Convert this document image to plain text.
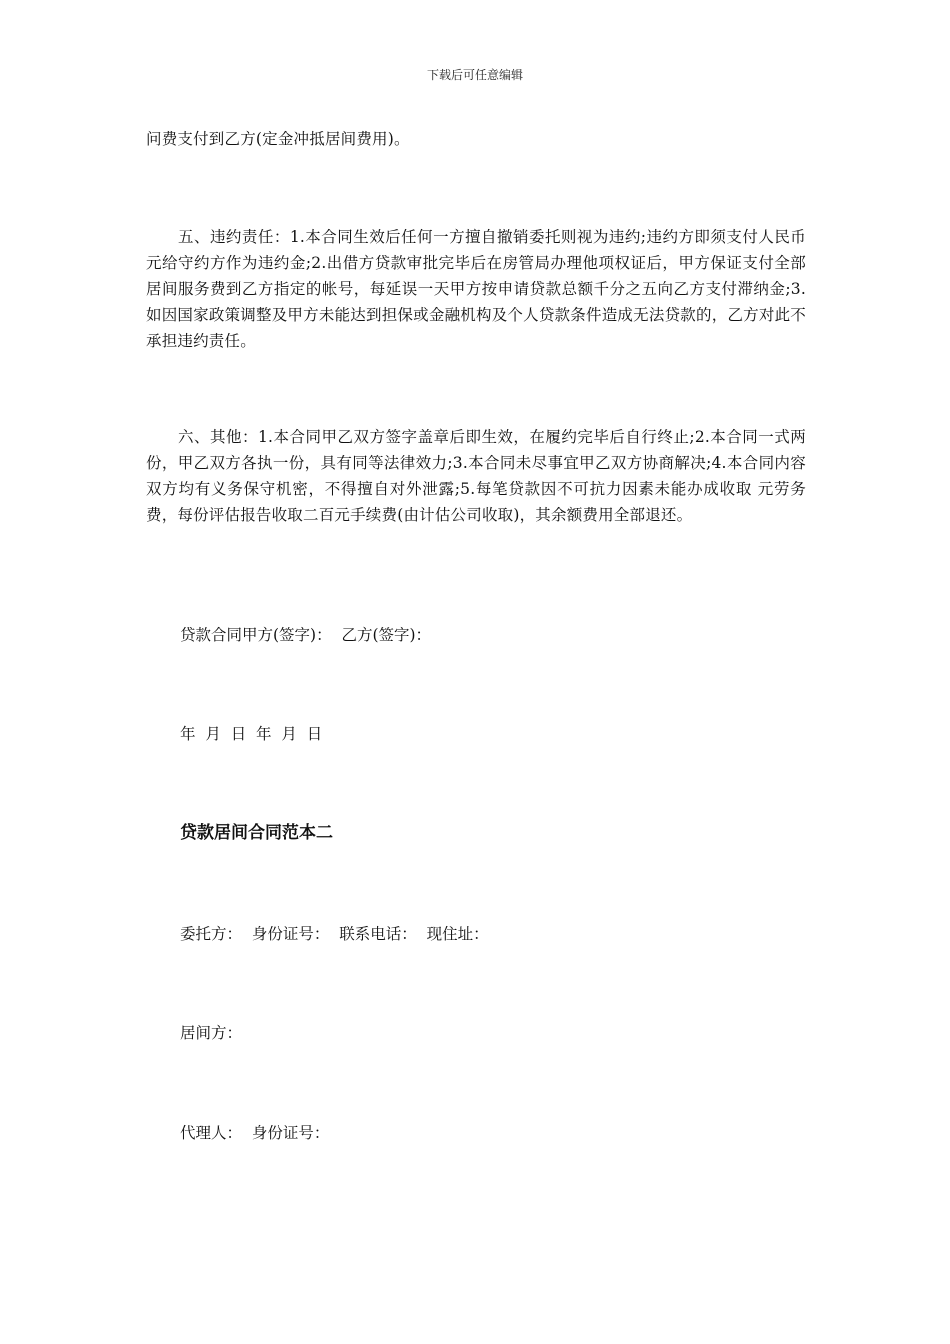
下载后可任意编辑
问费支付到乙方(定金冲抵居间费用)。
五、违约责任：1.本合同生效后任何一方擅自撤销委托则视为违约;违约方即须支付人民币 元给守约方作为违约金;2.出借方贷款审批完毕后在房管局办理他项权证后，甲方保证支付全部居间服务费到乙方指定的帐号，每延误一天甲方按申请贷款总额千分之五向乙方支付滞纳金;3.如因国家政策调整及甲方未能达到担保或金融机构及个人贷款条件造成无法贷款的，乙方对此不承担违约责任。
六、其他：1.本合同甲乙双方签字盖章后即生效，在履约完毕后自行终止;2.本合同一式两份，甲乙双方各执一份，具有同等法律效力;3.本合同未尽事宜甲乙双方协商解决;4.本合同内容双方均有义务保守机密，不得擅自对外泄露;5.每笔贷款因不可抗力因素未能办成收取 元劳务费，每份评估报告收取二百元手续费(由计估公司收取)，其余额费用全部退还。
贷款合同甲方(签字)：  乙方(签字)：
年  月  日  年  月  日
贷款居间合同范本二
委托方：  身份证号：  联系电话：  现住址：
居间方：
代理人：  身份证号：
